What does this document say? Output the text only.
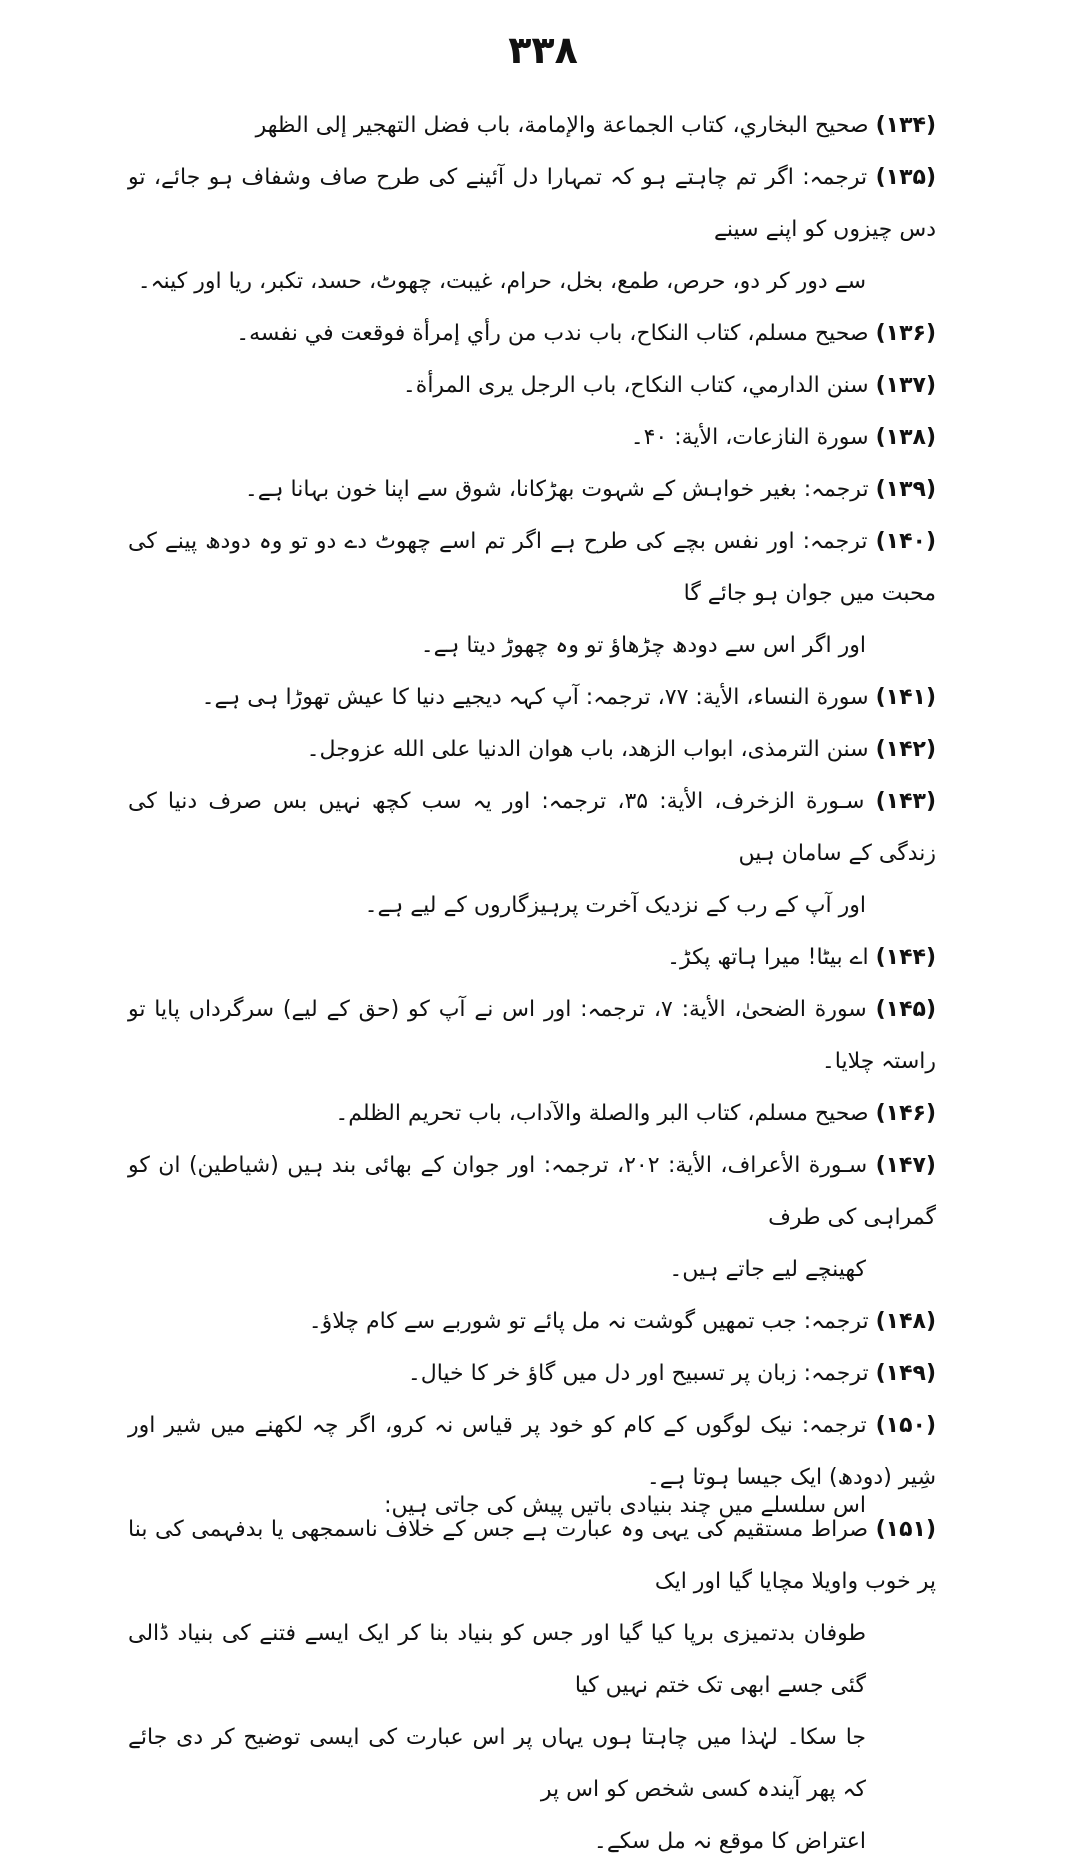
۳۳۸

(۱۳۴) صحيح البخاري، كتاب الجماعة والإمامة، باب فضل التهجير إلى الظهر

(۱۳۵) ترجمہ: اگر تم چاہتے ہو کہ تمہارا دل آئینے کی طرح صاف وشفاف ہو جائے، تو دس چیزوں کو اپنے سینے
سے دور کر دو، حرص، طمع، بخل، حرام، غیبت، چھوٹ، حسد، تکبر، ریا اور کینہ۔

(۱۳۶) صحیح مسلم، كتاب النكاح، باب ندب من رأي إمرأة فوقعت في نفسه۔

(۱۳۷) سنن الدارمي، كتاب النكاح، باب الرجل يرى المرأة۔

(۱۳۸) سورة النازعات، الأية: ۴۰۔

(۱۳۹) ترجمہ: بغیر خواہش کے شہوت بھڑکانا، شوق سے اپنا خون بہانا ہے۔

(۱۴۰) ترجمہ: اور نفس بچے کی طرح ہے اگر تم اسے چھوٹ دے دو تو وہ دودھ پینے کی محبت میں جوان ہو جائے گا
اور اگر اس سے دودھ چڑھاؤ تو وہ چھوڑ دیتا ہے۔

(۱۴۱) سورة النساء، الأية: ۷۷، ترجمہ: آپ کہہ دیجیے دنیا کا عیش تھوڑا ہی ہے۔

(۱۴۲) سنن الترمذی، ابواب الزهد، باب هوان الدنيا على الله عزوجل۔

(۱۴۳) سـورة الزخرف، الأية: ۳۵، ترجمہ: اور یہ سب کچھ نہیں بس صرف دنیا کی زندگی کے سامان ہیں
اور آپ کے رب کے نزدیک آخرت پرہیزگاروں کے لیے ہے۔

(۱۴۴) اے بیٹا! میرا ہاتھ پکڑ۔

(۱۴۵) سورة الضحیٰ، الأية: ۷، ترجمہ: اور اس نے آپ کو (حق کے لیے) سرگرداں پایا تو راستہ چلایا۔

(۱۴۶) صحیح مسلم، كتاب البر والصلة والآداب، باب تحريم الظلم۔

(۱۴۷) سـورة الأعراف، الأية: ۲۰۲، ترجمہ: اور جوان کے بھائی بند ہیں (شیاطین) ان کو گمراہی کی طرف
کھینچے لیے جاتے ہیں۔

(۱۴۸) ترجمہ: جب تمھیں گوشت نہ مل پائے تو شوربے سے کام چلاؤ۔

(۱۴۹) ترجمہ: زبان پر تسبیح اور دل میں گاؤ خر کا خیال۔

(۱۵۰) ترجمہ: نیک لوگوں کے کام کو خود پر قیاس نہ کرو، اگر چہ لکھنے میں شیر اور شِیر (دودھ) ایک جیسا ہوتا ہے۔

(۱۵۱) صراط مستقیم کی یہی وہ عبارت ہے جس کے خلاف ناسمجھی یا بدفہمی کی بنا پر خوب واویلا مچایا گیا اور ایک
طوفان بدتمیزی برپا کیا گیا اور جس کو بنیاد بنا کر ایک ایسے فتنے کی بنیاد ڈالی گئی جسے ابھی تک ختم نہیں کیا
جا سکا۔ لہٰذا میں چاہتا ہوں یہاں پر اس عبارت کی ایسی توضیح کر دی جائے کہ پھر آیندہ کسی شخص کو اس پر
اعتراض کا موقع نہ مل سکے۔

اس سلسلے میں چند بنیادی باتیں پیش کی جاتی ہیں:
